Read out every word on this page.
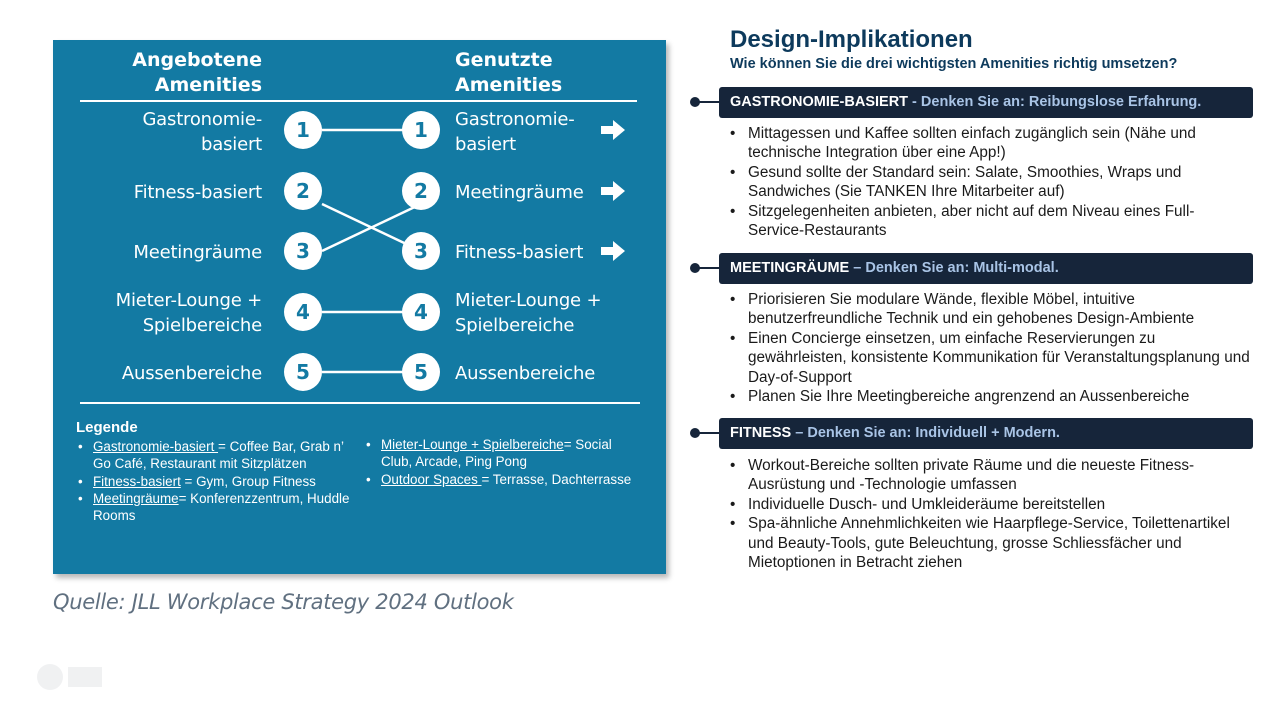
Angebotene
Amenities
Genutzte
Amenities
Gastronomie-
basiert
Fitness-basiert
Meetingräume
Mieter-Lounge +
Spielbereiche
Aussenbereiche
1
2
3
4
5
1
2
3
4
5
Gastronomie-
basiert
Meetingräume
Fitness-basiert
Mieter-Lounge +
Spielbereiche
Aussenbereiche
Legende
• Gastronomie-basiert = Coffee Bar, Grab n’ Go Café, Restaurant mit Sitzplätzen
• Fitness-basiert = Gym, Group Fitness
• Meetingräume= Konferenzzentrum, Huddle Rooms
• Mieter-Lounge + Spielbereiche= Social Club, Arcade, Ping Pong
• Outdoor Spaces = Terrasse, Dachterrasse
Quelle: JLL Workplace Strategy 2024 Outlook
Design-Implikationen
Wie können Sie die drei wichtigsten Amenities richtig umsetzen?
GASTRONOMIE-BASIERT - Denken Sie an: Reibungslose Erfahrung.
• Mittagessen und Kaffee sollten einfach zugänglich sein (Nähe und technische Integration über eine App!)
• Gesund sollte der Standard sein: Salate, Smoothies, Wraps und Sandwiches (Sie TANKEN Ihre Mitarbeiter auf)
• Sitzgelegenheiten anbieten, aber nicht auf dem Niveau eines Full-Service-Restaurants
MEETINGRÄUME – Denken Sie an: Multi-modal.
• Priorisieren Sie modulare Wände, flexible Möbel, intuitive benutzerfreundliche Technik und ein gehobenes Design-Ambiente
• Einen Concierge einsetzen, um einfache Reservierungen zu gewährleisten, konsistente Kommunikation für Veranstaltungsplanung und Day-of-Support
• Planen Sie Ihre Meetingbereiche angrenzend an Aussenbereiche
FITNESS – Denken Sie an: Individuell + Modern.
• Workout-Bereiche sollten private Räume und die neueste Fitness-Ausrüstung und -Technologie umfassen
• Individuelle Dusch- und Umkleideräume bereitstellen
• Spa-ähnliche Annehmlichkeiten wie Haarpflege-Service, Toilettenartikel und Beauty-Tools, gute Beleuchtung, grosse Schliessfächer und Mietoptionen in Betracht ziehen
